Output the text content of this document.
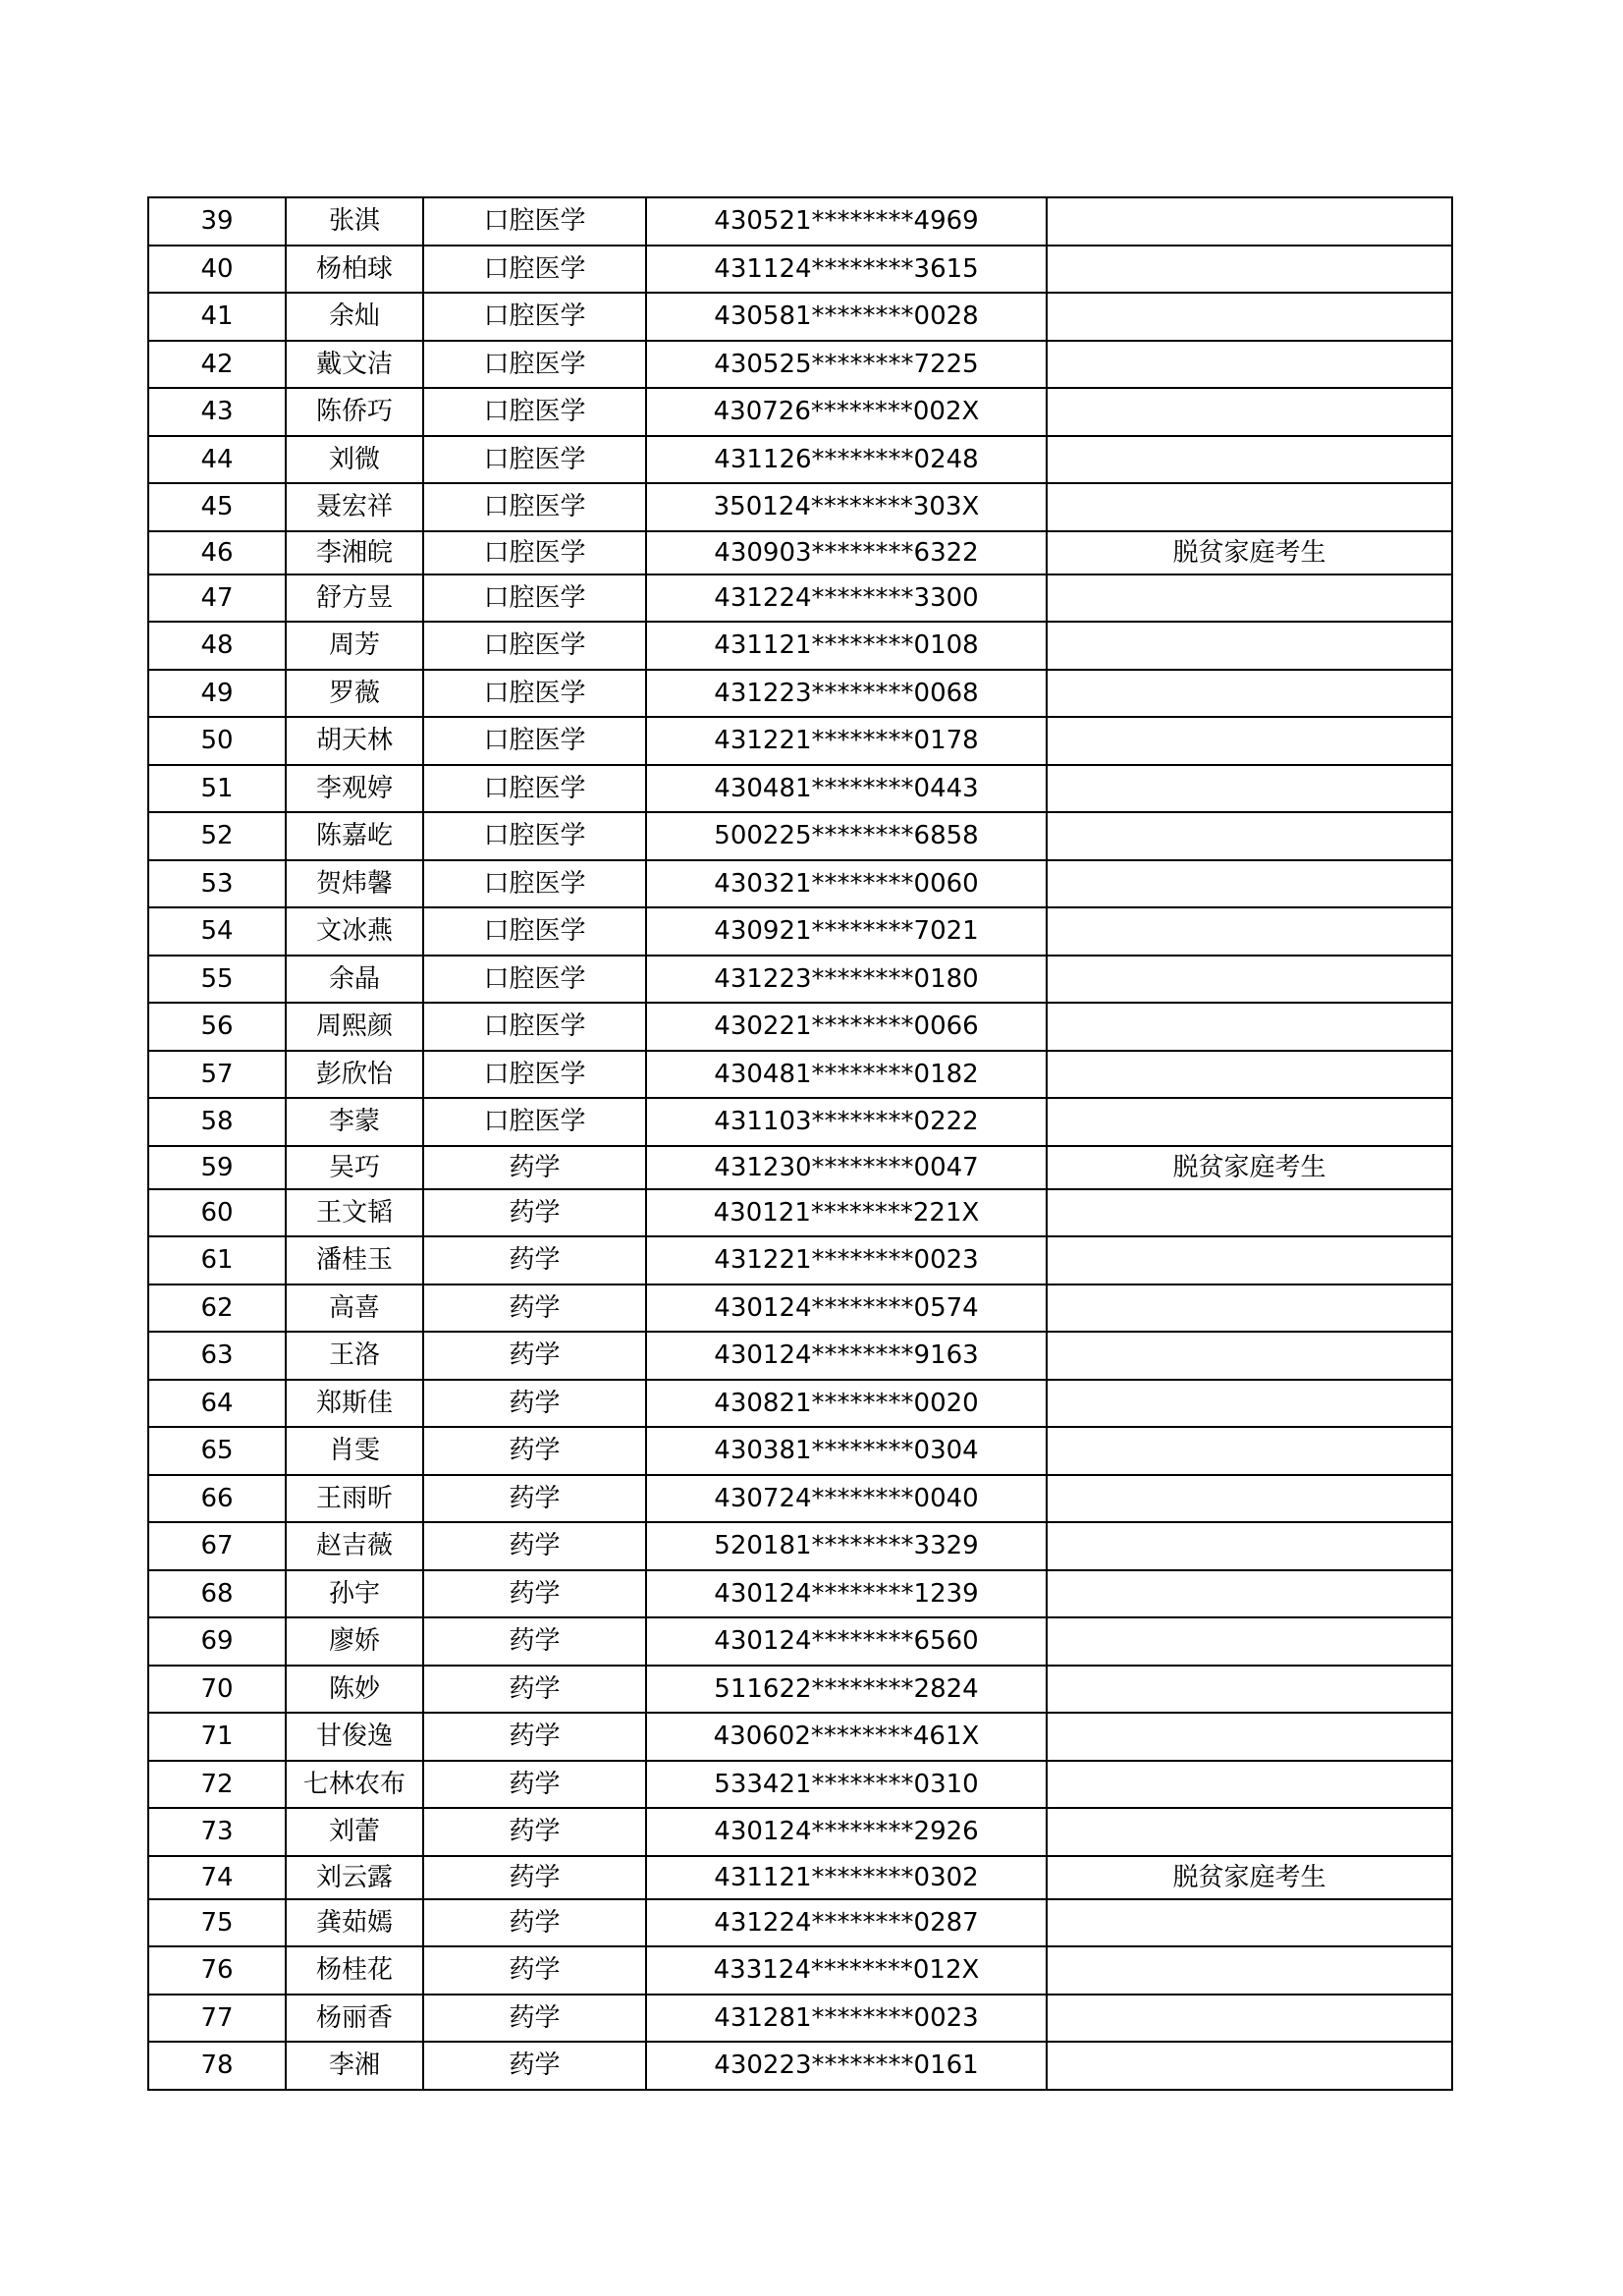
39	张淇	口腔医学	430521********4969	
40	杨柏球	口腔医学	431124********3615	
41	余灿	口腔医学	430581********0028	
42	戴文洁	口腔医学	430525********7225	
43	陈侨巧	口腔医学	430726********002X	
44	刘微	口腔医学	431126********0248	
45	聂宏祥	口腔医学	350124********303X	
46	李湘皖	口腔医学	430903********6322	脱贫家庭考生
47	舒方昱	口腔医学	431224********3300	
48	周芳	口腔医学	431121********0108	
49	罗薇	口腔医学	431223********0068	
50	胡天林	口腔医学	431221********0178	
51	李观婷	口腔医学	430481********0443	
52	陈嘉屹	口腔医学	500225********6858	
53	贺炜馨	口腔医学	430321********0060	
54	文冰燕	口腔医学	430921********7021	
55	余晶	口腔医学	431223********0180	
56	周熙颜	口腔医学	430221********0066	
57	彭欣怡	口腔医学	430481********0182	
58	李蒙	口腔医学	431103********0222	
59	吴巧	药学	431230********0047	脱贫家庭考生
60	王文韬	药学	430121********221X	
61	潘桂玉	药学	431221********0023	
62	高喜	药学	430124********0574	
63	王洛	药学	430124********9163	
64	郑斯佳	药学	430821********0020	
65	肖雯	药学	430381********0304	
66	王雨昕	药学	430724********0040	
67	赵吉薇	药学	520181********3329	
68	孙宇	药学	430124********1239	
69	廖娇	药学	430124********6560	
70	陈妙	药学	511622********2824	
71	甘俊逸	药学	430602********461X	
72	七林农布	药学	533421********0310	
73	刘蕾	药学	430124********2926	
74	刘云露	药学	431121********0302	脱贫家庭考生
75	龚茹嫣	药学	431224********0287	
76	杨桂花	药学	433124********012X	
77	杨丽香	药学	431281********0023	
78	李湘	药学	430223********0161	
